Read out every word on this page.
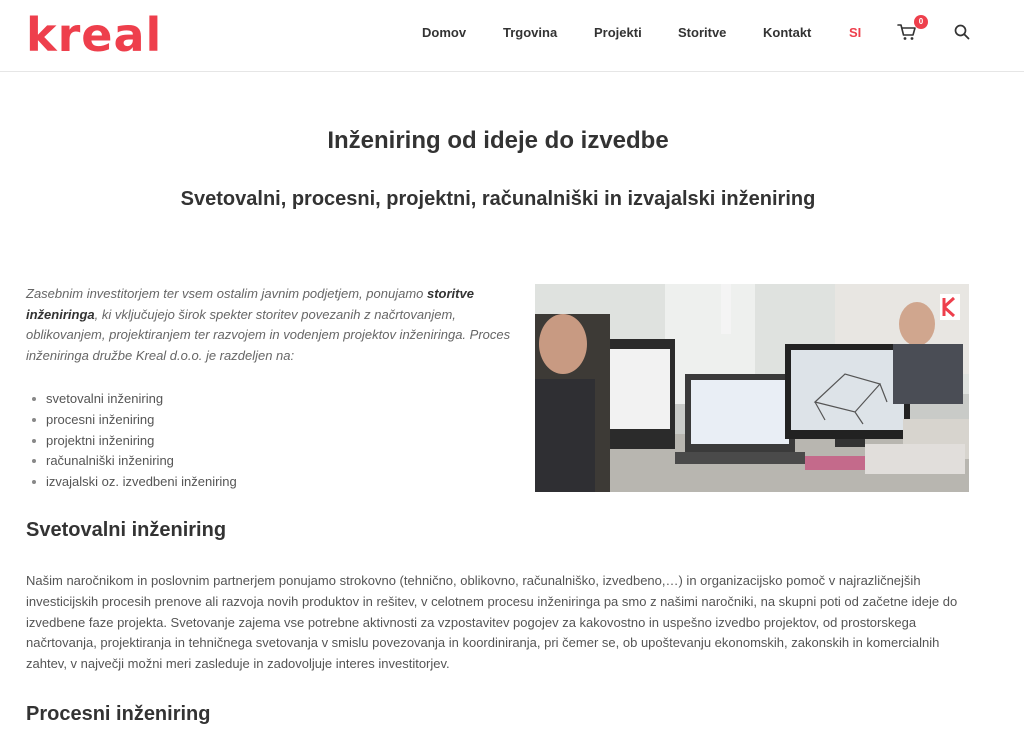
kreal	Domov	Trgovina	Projekti	Storitve	Kontakt	SI
0
Inženiring od ideje do izvedbe
Svetovalni, procesni, projektni, računalniški in izvajalski inženiring

Zasebnim investitorjem ter vsem ostalim javnim podjetjem, ponujamo storitve inženiringa, ki vključujejo širok spekter storitev povezanih z načrtovanjem, oblikovanjem, projektiranjem ter razvojem in vodenjem projektov inženiringa. Proces inženiringa družbe Kreal d.o.o. je razdeljen na:

svetovalni inženiring
procesni inženiring
projektni inženiring
računalniški inženiring
izvajalski oz. izvedbeni inženiring
Svetovalni inženiring

Našim naročnikom in poslovnim partnerjem ponujamo strokovno (tehnično, oblikovno, računalniško, izvedbeno,…) in organizacijsko pomoč v najrazličnejših investicijskih procesih prenove ali razvoja novih produktov in rešitev, v celotnem procesu inženiringa pa smo z našimi naročniki, na skupni poti od začetne ideje do izvedbene faze projekta. Svetovanje zajema vse potrebne aktivnosti za vzpostavitev pogojev za kakovostno in uspešno izvedbo projektov, od prostorskega načrtovanja, projektiranja in tehničnega svetovanja v smislu povezovanja in koordiniranja, pri čemer se, ob upoštevanju ekonomskih, zakonskih in komercialnih zahtev, v največji možni meri zasleduje in zadovoljuje interes investitorjev.

Procesni inženiring
